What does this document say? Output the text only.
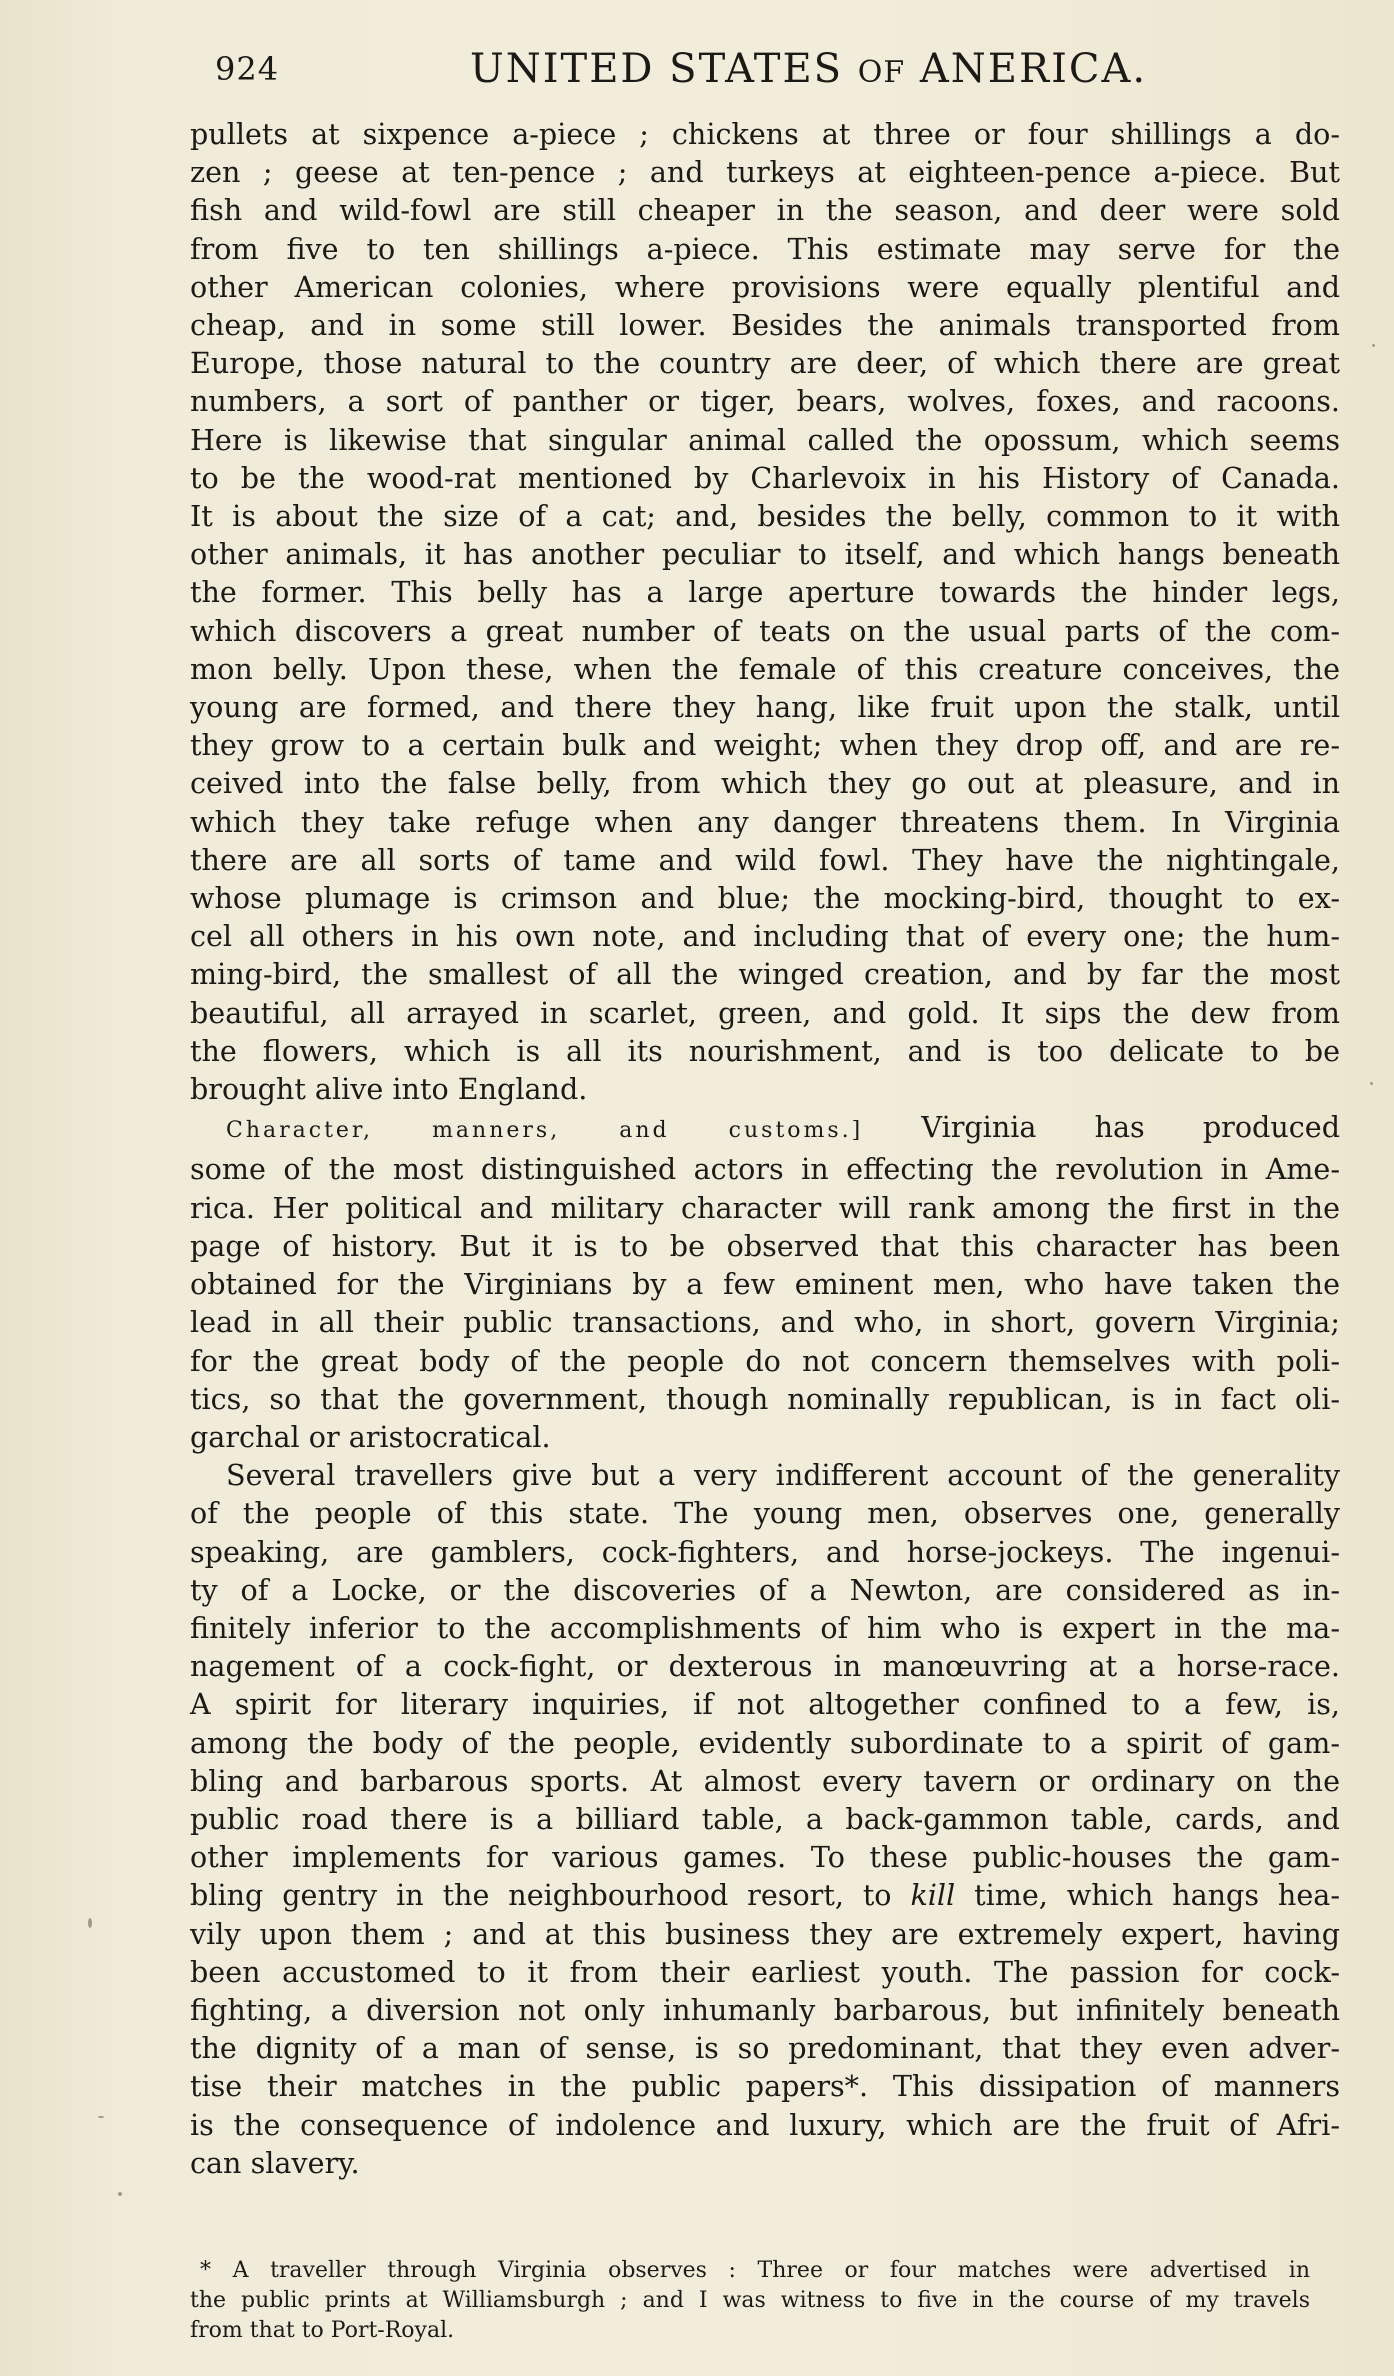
924	UNITED STATES OF ANERICA.
pullets at sixpence a-piece ; chickens at three or four shillings a do-
zen ; geese at ten-pence ; and turkeys at eighteen-pence a-piece. But
fish and wild-fowl are still cheaper in the season, and deer were sold
from five to ten shillings a-piece. This estimate may serve for the
other American colonies, where provisions were equally plentiful and
cheap, and in some still lower. Besides the animals transported from
Europe, those natural to the country are deer, of which there are great
numbers, a sort of panther or tiger, bears, wolves, foxes, and racoons.
Here is likewise that singular animal called the opossum, which seems
to be the wood-rat mentioned by Charlevoix in his History of Canada.
It is about the size of a cat; and, besides the belly, common to it with
other animals, it has another peculiar to itself, and which hangs beneath
the former. This belly has a large aperture towards the hinder legs,
which discovers a great number of teats on the usual parts of the com-
mon belly. Upon these, when the female of this creature conceives, the
young are formed, and there they hang, like fruit upon the stalk, until
they grow to a certain bulk and weight; when they drop off, and are re-
ceived into the false belly, from which they go out at pleasure, and in
which they take refuge when any danger threatens them. In Virginia
there are all sorts of tame and wild fowl. They have the nightingale,
whose plumage is crimson and blue; the mocking-bird, thought to ex-
cel all others in his own note, and including that of every one; the hum-
ming-bird, the smallest of all the winged creation, and by far the most
beautiful, all arrayed in scarlet, green, and gold. It sips the dew from
the flowers, which is all its nourishment, and is too delicate to be
brought alive into England.
Character, manners, and customs.] Virginia has produced
some of the most distinguished actors in effecting the revolution in Ame-
rica. Her political and military character will rank among the first in the
page of history. But it is to be observed that this character has been
obtained for the Virginians by a few eminent men, who have taken the
lead in all their public transactions, and who, in short, govern Virginia;
for the great body of the people do not concern themselves with poli-
tics, so that the government, though nominally republican, is in fact oli-
garchal or aristocratical.
Several travellers give but a very indifferent account of the generality
of the people of this state. The young men, observes one, generally
speaking, are gamblers, cock-fighters, and horse-jockeys. The ingenui-
ty of a Locke, or the discoveries of a Newton, are considered as in-
finitely inferior to the accomplishments of him who is expert in the ma-
nagement of a cock-fight, or dexterous in manœuvring at a horse-race.
A spirit for literary inquiries, if not altogether confined to a few, is,
among the body of the people, evidently subordinate to a spirit of gam-
bling and barbarous sports. At almost every tavern or ordinary on the
public road there is a billiard table, a back-gammon table, cards, and
other implements for various games. To these public-houses the gam-
bling gentry in the neighbourhood resort, to kill time, which hangs hea-
vily upon them ; and at this business they are extremely expert, having
been accustomed to it from their earliest youth. The passion for cock-
fighting, a diversion not only inhumanly barbarous, but infinitely beneath
the dignity of a man of sense, is so predominant, that they even adver-
tise their matches in the public papers*. This dissipation of manners
is the consequence of indolence and luxury, which are the fruit of Afri-
can slavery.
* A traveller through Virginia observes : Three or four matches were advertised in
the public prints at Williamsburgh ; and I was witness to five in the course of my travels
from that to Port-Royal.
